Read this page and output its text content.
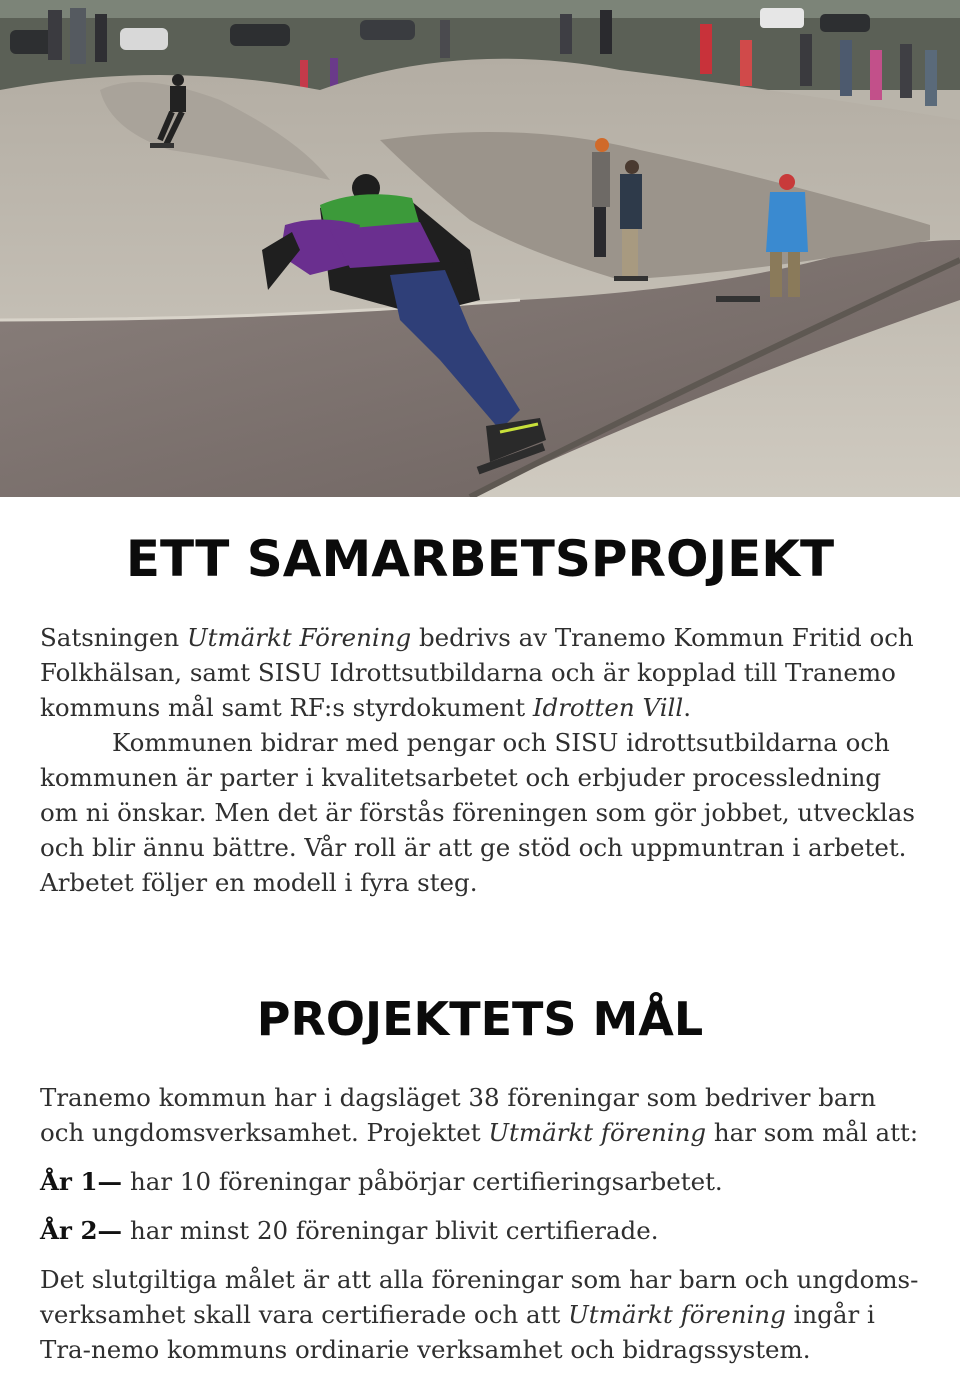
ETT SAMARBETSPROJEKT

Satsningen Utmärkt Förening bedrivs av Tranemo Kommun Fritid och Folkhälsan, samt SISU Idrottsutbildarna och är kopplad till Tranemo kommuns mål samt RF:s styrdokument Idrotten Vill.

Kommunen bidrar med pengar och SISU idrottsutbildarna och kommunen är parter i kvalitetsarbetet och erbjuder processledning om ni önskar. Men det är förstås föreningen som gör jobbet, utvecklas och blir ännu bättre. Vår roll är att ge stöd och uppmuntran i arbetet. Arbetet följer en modell i fyra steg.

PROJEKTETS MÅL

Tranemo kommun har i dagsläget 38 föreningar som bedriver barn och ungdomsverksamhet. Projektet Utmärkt förening har som mål att:

År 1— har 10 föreningar påbörjar certifieringsarbetet.

År 2— har minst 20 föreningar blivit certifierade.

Det slutgiltiga målet är att alla föreningar som har barn och ungdoms-verksamhet skall vara certifierade och att Utmärkt förening ingår i Tra-nemo kommuns ordinarie verksamhet och bidragssystem.
